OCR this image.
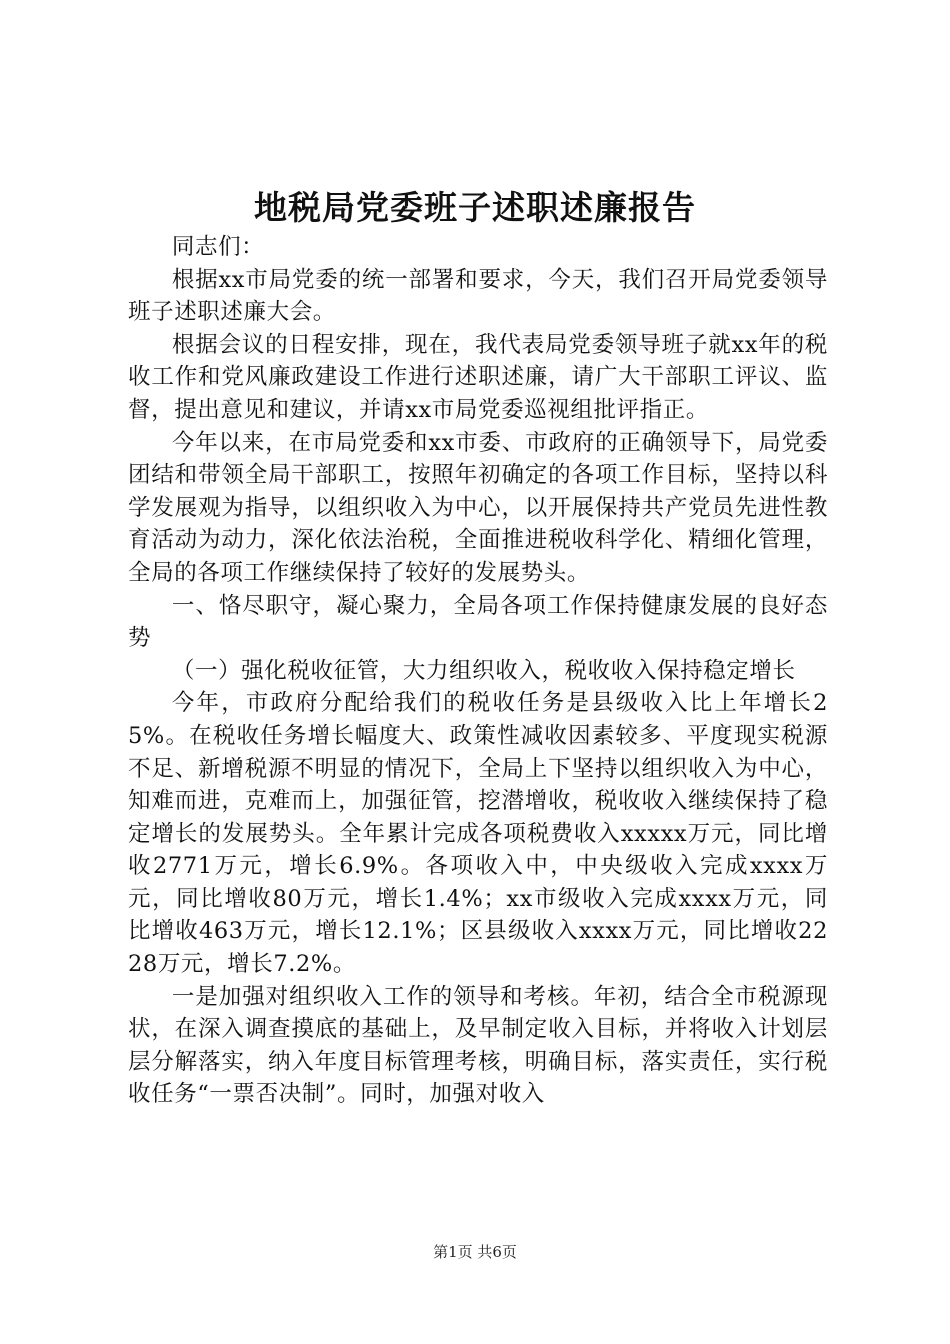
地税局党委班子述职述廉报告

同志们：

根据xx市局党委的统一部署和要求，今天，我们召开局党委领导班子述职述廉大会。

根据会议的日程安排，现在，我代表局党委领导班子就xx年的税收工作和党风廉政建设工作进行述职述廉，请广大干部职工评议、监督，提出意见和建议，并请xx市局党委巡视组批评指正。

今年以来，在市局党委和xx市委、市政府的正确领导下，局党委团结和带领全局干部职工，按照年初确定的各项工作目标，坚持以科学发展观为指导，以组织收入为中心，以开展保持共产党员先进性教育活动为动力，深化依法治税，全面推进税收科学化、精细化管理，全局的各项工作继续保持了较好的发展势头。

一、恪尽职守，凝心聚力，全局各项工作保持健康发展的良好态势

（一）强化税收征管，大力组织收入，税收收入保持稳定增长

今年，市政府分配给我们的税收任务是县级收入比上年增长25%。在税收任务增长幅度大、政策性减收因素较多、平度现实税源不足、新增税源不明显的情况下，全局上下坚持以组织收入为中心，知难而进，克难而上，加强征管，挖潜增收，税收收入继续保持了稳定增长的发展势头。全年累计完成各项税费收入xxxxx万元，同比增收2771万元，增长6.9%。各项收入中，中央级收入完成xxxx万元，同比增收80万元，增长1.4%；xx市级收入完成xxxx万元，同比增收463万元，增长12.1%；区县级收入xxxx万元，同比增收2228万元，增长7.2%。

一是加强对组织收入工作的领导和考核。年初，结合全市税源现状，在深入调查摸底的基础上，及早制定收入目标，并将收入计划层层分解落实，纳入年度目标管理考核，明确目标，落实责任，实行税收任务“一票否决制”。同时，加强对收入

第1页 共6页
